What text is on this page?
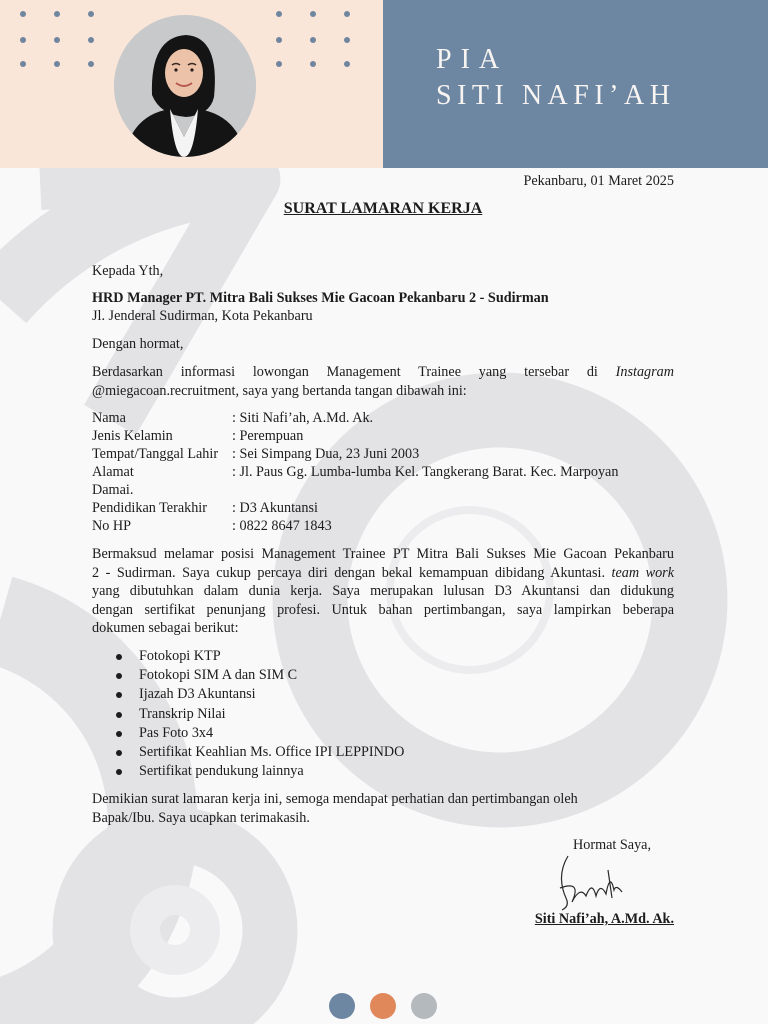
PIA
SITI NAFI’AH
Pekanbaru, 01 Maret 2025
SURAT LAMARAN KERJA
Kepada Yth,
HRD Manager PT. Mitra Bali Sukses Mie Gacoan Pekanbaru 2 - Sudirman
Jl. Jenderal Sudirman, Kota Pekanbaru
Dengan hormat,
Berdasarkan informasi lowongan Management Trainee yang tersebar di Instagram
@miegacoan.recruitment, saya yang bertanda tangan dibawah ini:
Nama	: Siti Nafi’ah, A.Md. Ak.
Jenis Kelamin	: Perempuan
Tempat/Tanggal Lahir : Sei Simpang Dua, 23 Juni 2003
Alamat	: Jl. Paus Gg. Lumba-lumba Kel. Tangkerang Barat. Kec. Marpoyan
Damai.
Pendidikan Terakhir : D3 Akuntansi
No HP	: 0822 8647 1843
Bermaksud melamar posisi Management Trainee PT Mitra Bali Sukses Mie Gacoan Pekanbaru
2 - Sudirman. Saya cukup percaya diri dengan bekal kemampuan dibidang Akuntasi. team work
yang dibutuhkan dalam dunia kerja. Saya merupakan lulusan D3 Akuntansi dan didukung
dengan sertifikat penunjang profesi. Untuk bahan pertimbangan, saya lampirkan beberapa
dokumen sebagai berikut:
Fotokopi KTP
Fotokopi SIM A dan SIM C
Ijazah D3 Akuntansi
Transkrip Nilai
Pas Foto 3x4
Sertifikat Keahlian Ms. Office IPI LEPPINDO
Sertifikat pendukung lainnya
Demikian surat lamaran kerja ini, semoga mendapat perhatian dan pertimbangan oleh
Bapak/Ibu. Saya ucapkan terimakasih.
Hormat Saya,
Siti Nafi’ah, A.Md. Ak.
